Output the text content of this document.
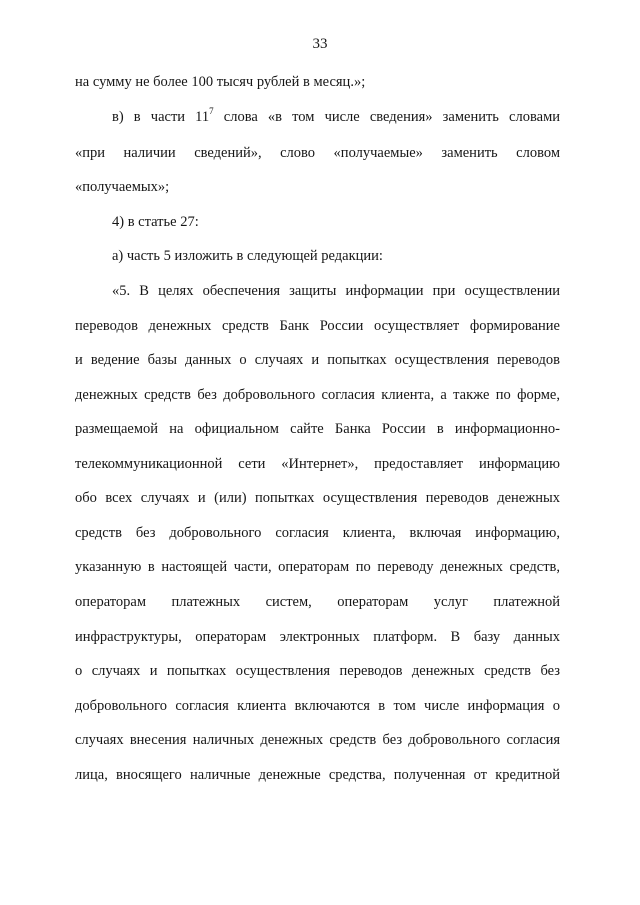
33
на сумму не более 100 тысяч рублей в месяц.»;
в) в части $11^7$ слова «в том числе сведения» заменить словами
«при наличии сведений», слово «получаемые» заменить словом
«получаемых»;
4) в статье 27:
а) часть 5 изложить в следующей редакции:
«5. В целях обеспечения защиты информации при осуществлении
переводов денежных средств Банк России осуществляет формирование
и ведение базы данных о случаях и попытках осуществления переводов
денежных средств без добровольного согласия клиента, а также по форме,
размещаемой на официальном сайте Банка России в информационно-
телекоммуникационной сети «Интернет», предоставляет информацию
обо всех случаях и (или) попытках осуществления переводов денежных
средств без добровольного согласия клиента, включая информацию,
указанную в настоящей части, операторам по переводу денежных средств,
операторам платежных систем, операторам услуг платежной
инфраструктуры, операторам электронных платформ. В базу данных
о случаях и попытках осуществления переводов денежных средств без
добровольного согласия клиента включаются в том числе информация о
случаях внесения наличных денежных средств без добровольного согласия
лица, вносящего наличные денежные средства, полученная от кредитной
